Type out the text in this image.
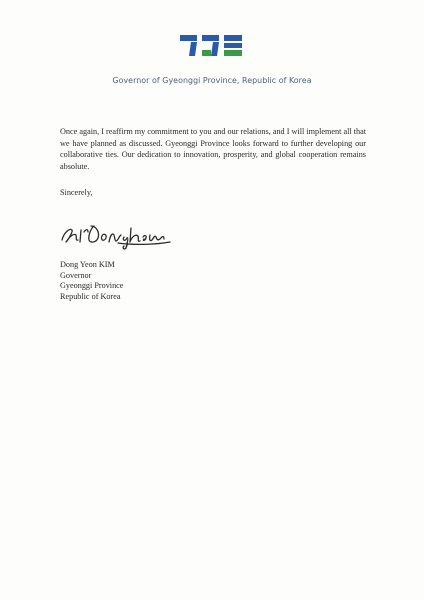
Governor of Gyeonggi Province, Republic of Korea

Once again, I reaffirm my commitment to you and our relations, and I will implement all that we have planned as discussed. Gyeonggi Province looks forward to further developing our collaborative ties. Our dedication to innovation, prosperity, and global cooperation remains absolute.

Sincerely,
Dong Yeon KIM
Governor
Gyeonggi Province
Republic of Korea
